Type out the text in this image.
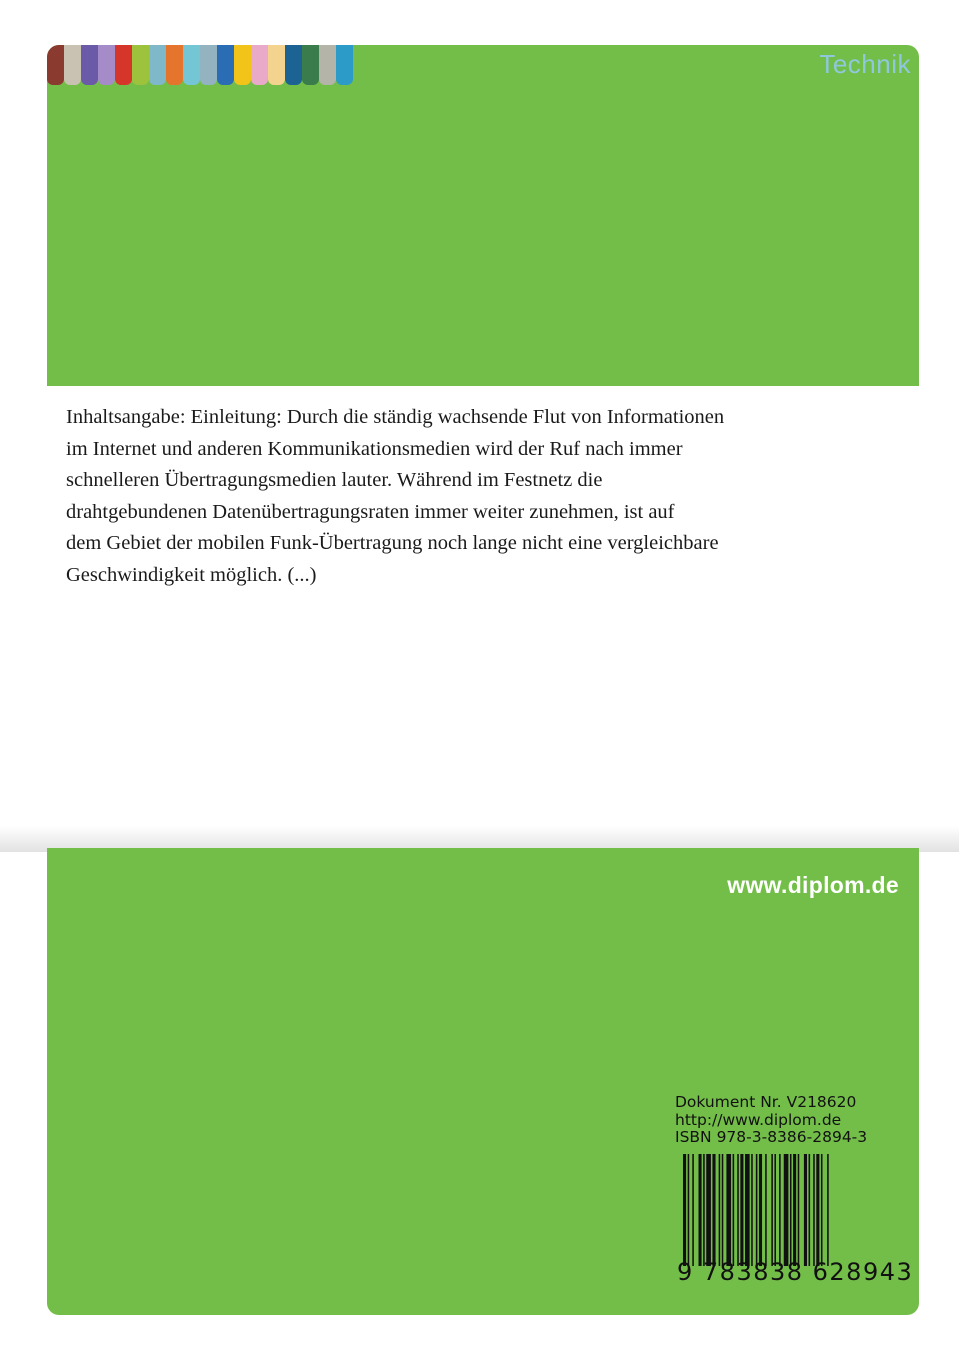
Technik
Inhaltsangabe: Einleitung: Durch die ständig wachsende Flut von Informationen
im Internet und anderen Kommunikationsmedien wird der Ruf nach immer
schnelleren Übertragungsmedien lauter. Während im Festnetz die
drahtgebundenen Datenübertragungsraten immer weiter zunehmen, ist auf
dem Gebiet der mobilen Funk-Übertragung noch lange nicht eine vergleichbare
Geschwindigkeit möglich. (...)
www.diplom.de
Dokument Nr. V218620
http://www.diplom.de
ISBN 978-3-8386-2894-3
9 783838 628943
